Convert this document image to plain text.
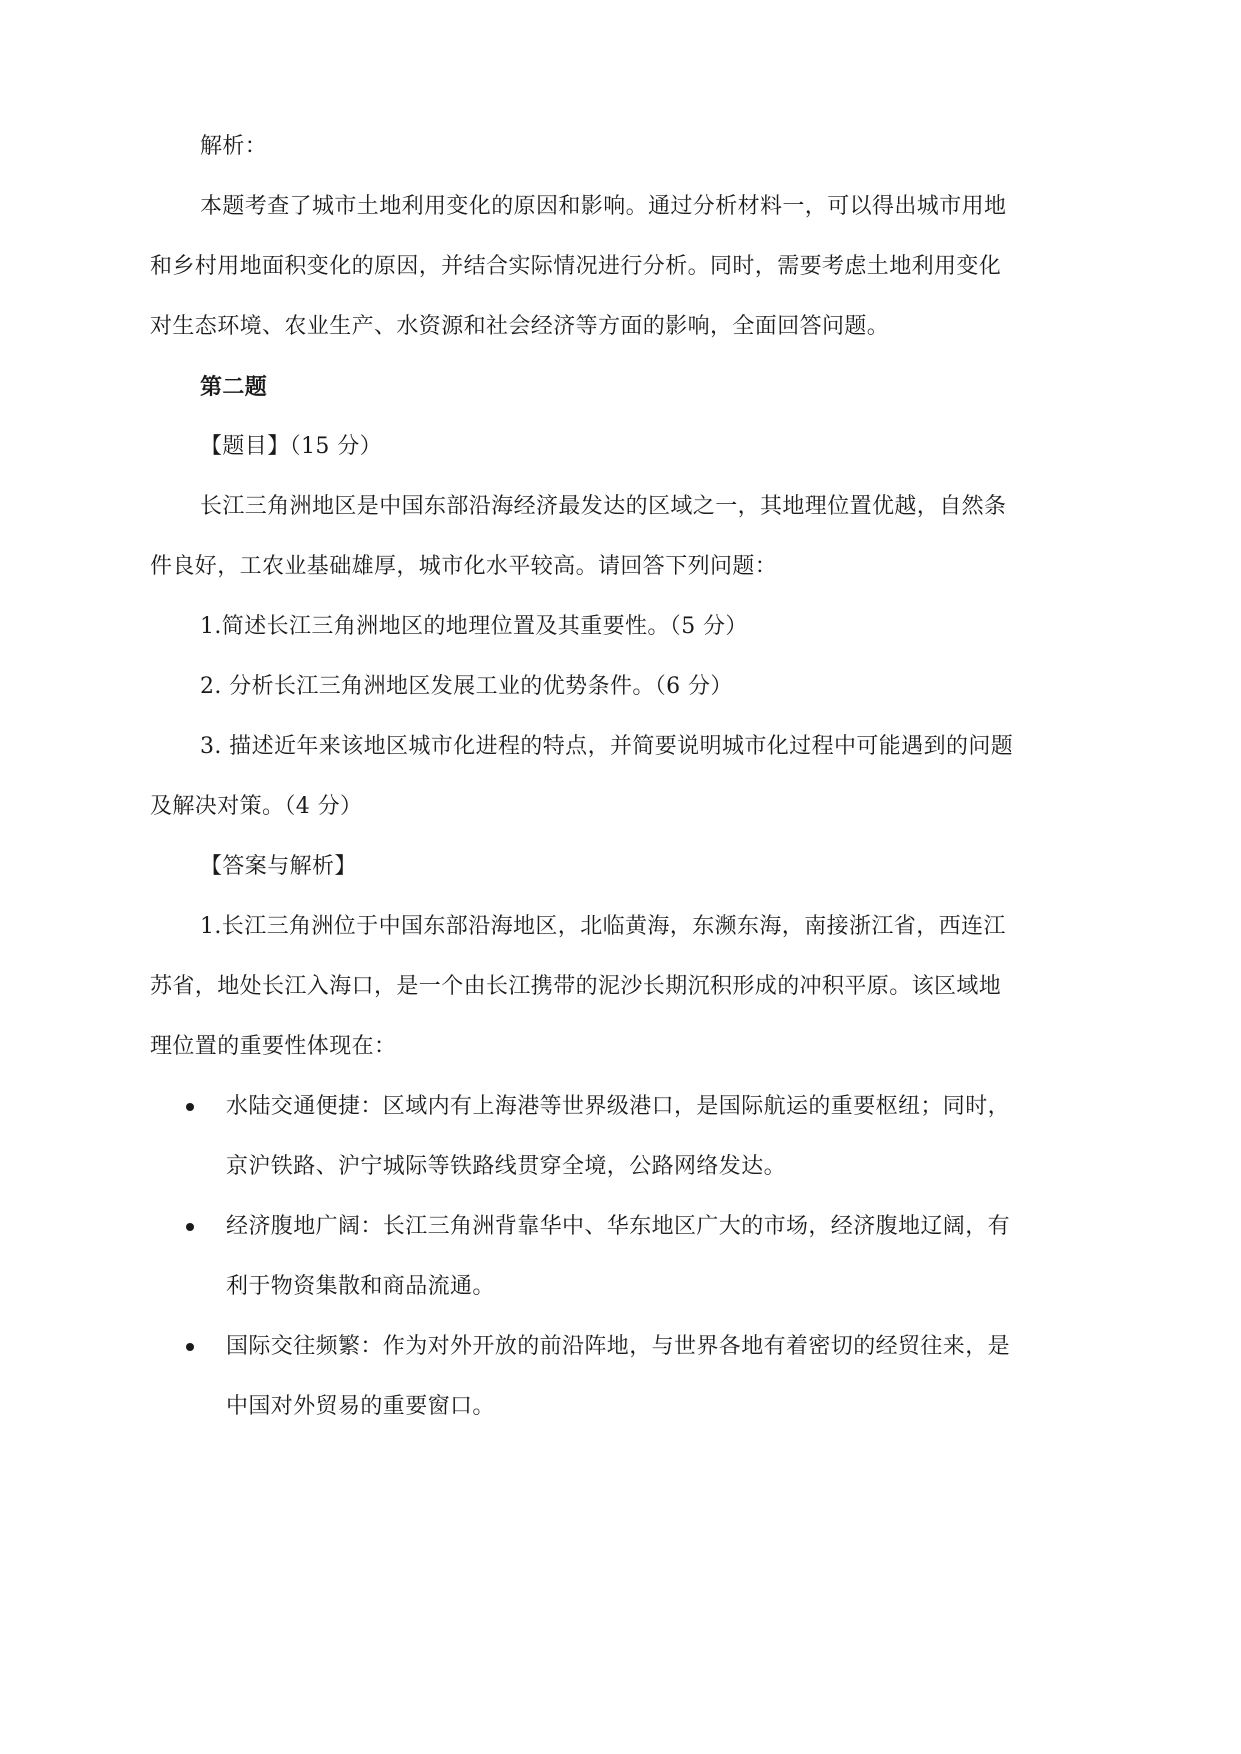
解析：
本题考查了城市土地利用变化的原因和影响。通过分析材料一，可以得出城市用地
和乡村用地面积变化的原因，并结合实际情况进行分析。同时，需要考虑土地利用变化
对生态环境、农业生产、水资源和社会经济等方面的影响，全面回答问题。
第二题
【题目】（15 分）
长江三角洲地区是中国东部沿海经济最发达的区域之一，其地理位置优越，自然条
件良好，工农业基础雄厚，城市化水平较高。请回答下列问题：
1.简述长江三角洲地区的地理位置及其重要性。（5 分）
2. 分析长江三角洲地区发展工业的优势条件。（6 分）
3. 描述近年来该地区城市化进程的特点，并简要说明城市化过程中可能遇到的问题
及解决对策。（4 分）
【答案与解析】
1.长江三角洲位于中国东部沿海地区，北临黄海，东濒东海，南接浙江省，西连江
苏省，地处长江入海口，是一个由长江携带的泥沙长期沉积形成的冲积平原。该区域地
理位置的重要性体现在：
水陆交通便捷：区域内有上海港等世界级港口，是国际航运的重要枢纽；同时，
京沪铁路、沪宁城际等铁路线贯穿全境，公路网络发达。
经济腹地广阔：长江三角洲背靠华中、华东地区广大的市场，经济腹地辽阔，有
利于物资集散和商品流通。
国际交往频繁：作为对外开放的前沿阵地，与世界各地有着密切的经贸往来，是
中国对外贸易的重要窗口。
